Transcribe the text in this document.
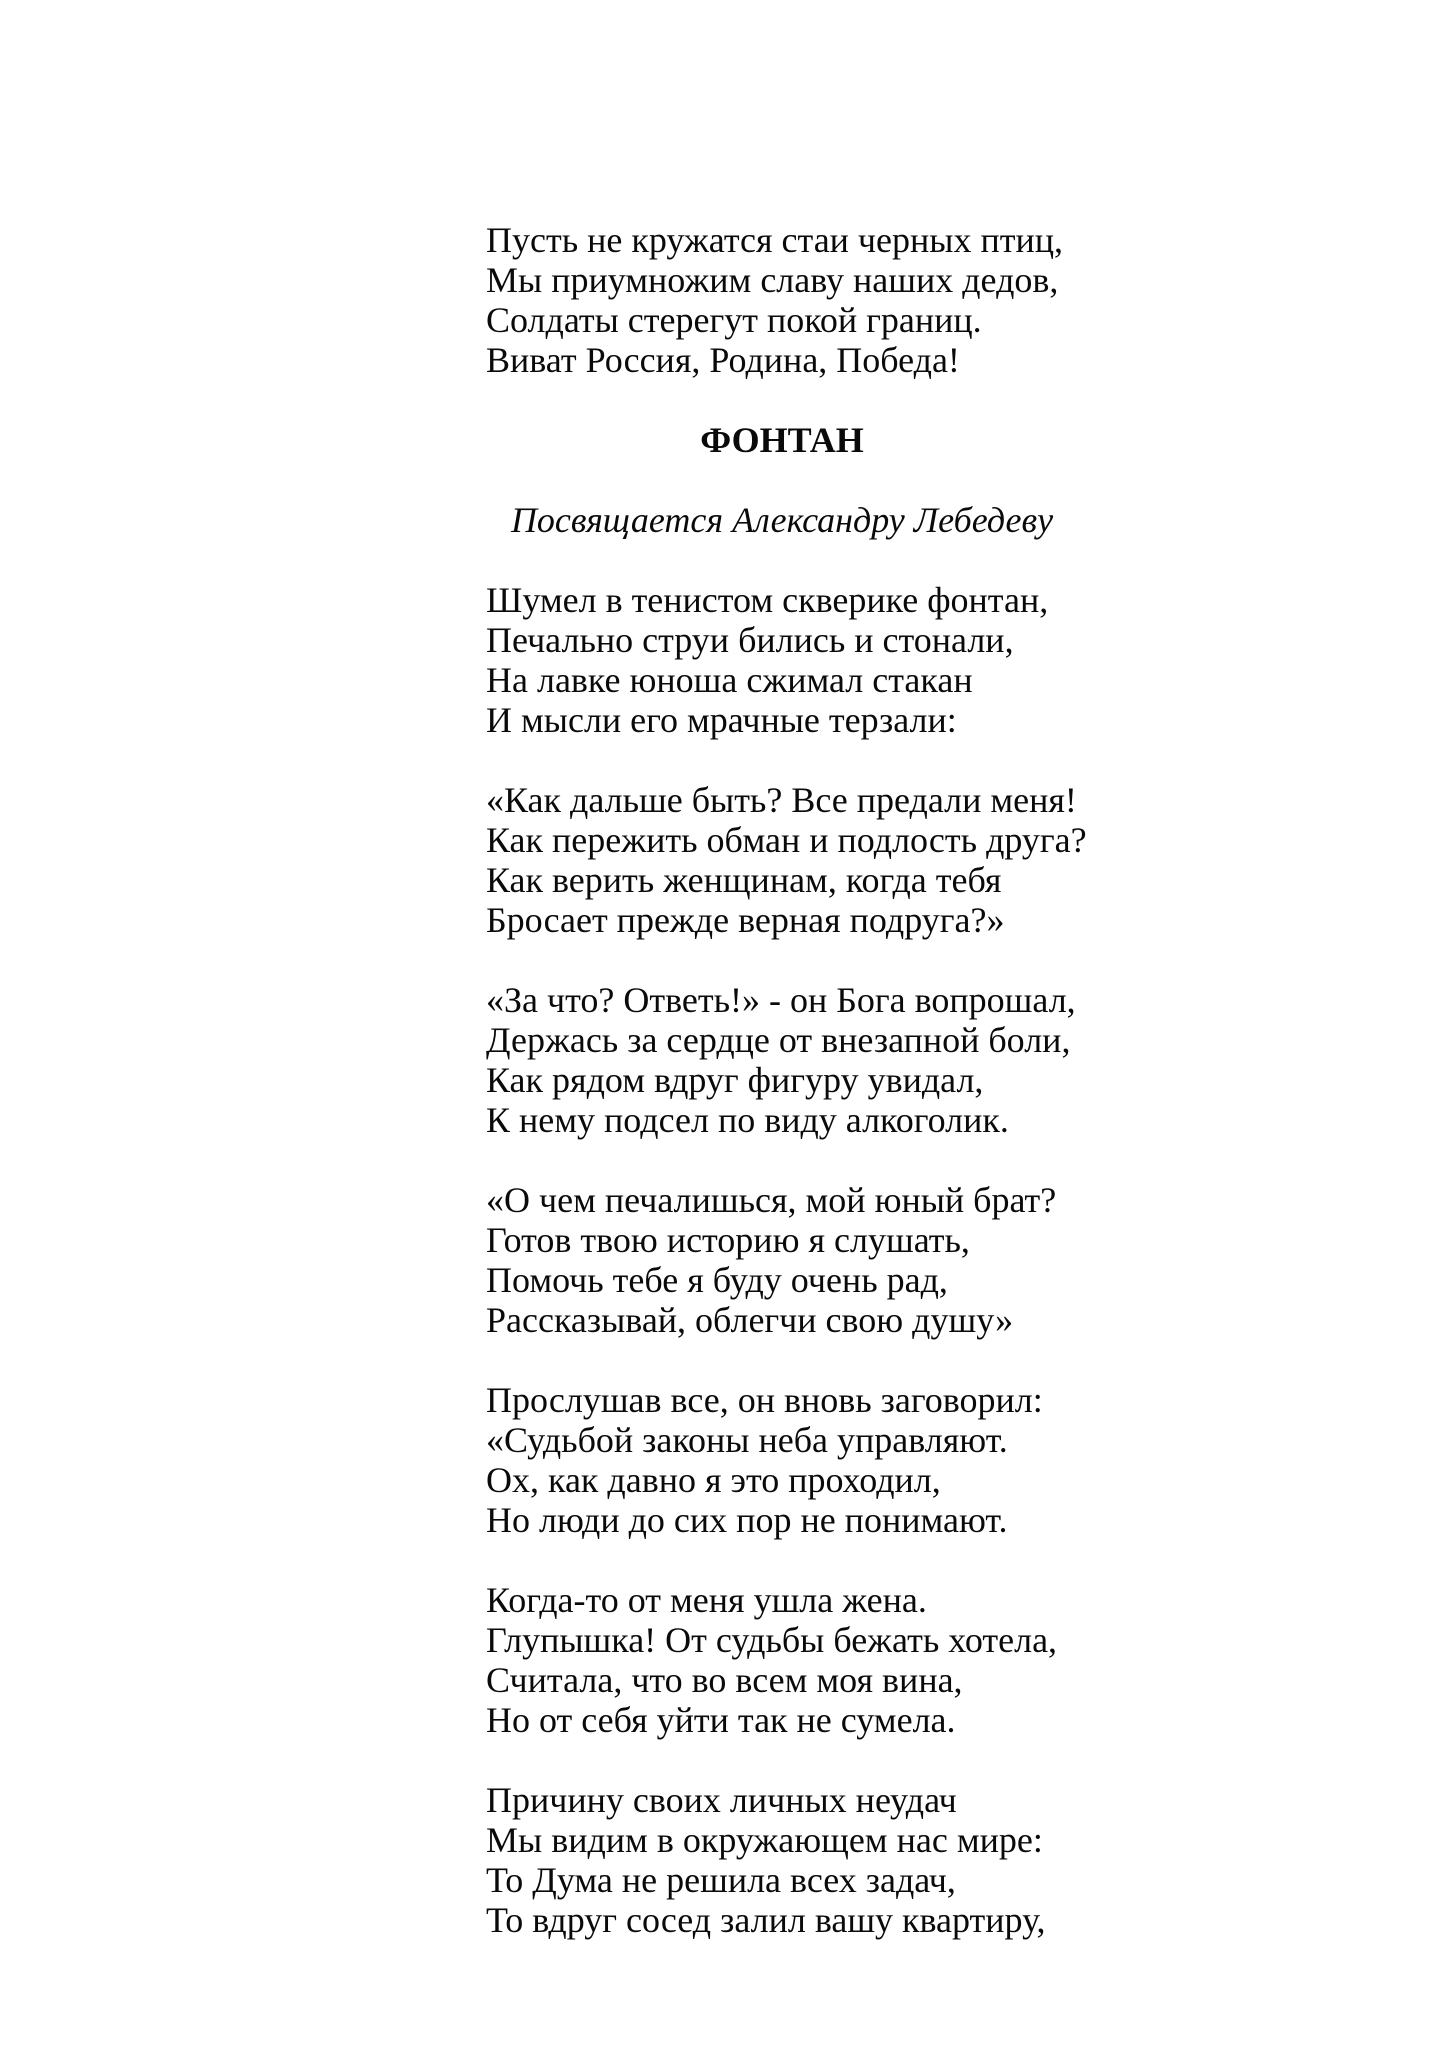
Пусть не кружатся стаи черных птиц,
Мы приумножим славу наших дедов,
Солдаты стерегут покой границ.
Виват Россия, Родина, Победа!
ФОНТАН
Посвящается Александру Лебедеву
Шумел в тенистом скверике фонтан,
Печально струи бились и стонали,
На лавке юноша сжимал стакан
И мысли его мрачные терзали:
«Как дальше быть? Все предали меня!
Как пережить обман и подлость друга?
Как верить женщинам, когда тебя
Бросает прежде верная подруга?»
«За что? Ответь!» - он Бога вопрошал,
Держась за сердце от внезапной боли,
Как рядом вдруг фигуру увидал,
К нему подсел по виду алкоголик.
«О чем печалишься, мой юный брат?
Готов твою историю я слушать,
Помочь тебе я буду очень рад,
Рассказывай, облегчи свою душу»
Прослушав все, он вновь заговорил:
«Судьбой законы неба управляют.
Ох, как давно я это проходил,
Но люди до сих пор не понимают.
Когда-то от меня ушла жена.
Глупышка! От судьбы бежать хотела,
Считала, что во всем моя вина,
Но от себя уйти так не сумела.
Причину своих личных неудач
Мы видим в окружающем нас мире:
То Дума не решила всех задач,
То вдруг сосед залил вашу квартиру,
